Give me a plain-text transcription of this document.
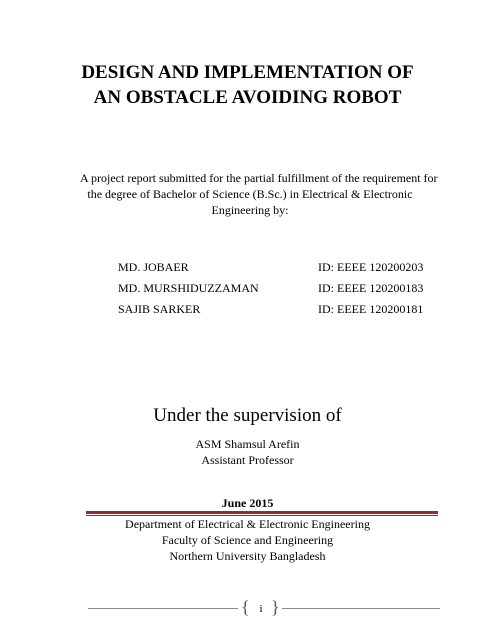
DESIGN AND IMPLEMENTATION OF
AN OBSTACLE AVOIDING ROBOT
A project report submitted for the partial fulfillment of the requirement for
the degree of Bachelor of Science (B.Sc.) in Electrical & Electronic
Engineering by:
MD. JOBAER	ID: EEEE 120200203
MD. MURSHIDUZZAMAN	ID: EEEE 120200183
SAJIB SARKER	ID: EEEE 120200181
Under the supervision of
ASM Shamsul Arefin
Assistant Professor
June 2015
Department of Electrical & Electronic Engineering
Faculty of Science and Engineering
Northern University Bangladesh
{ }
i
